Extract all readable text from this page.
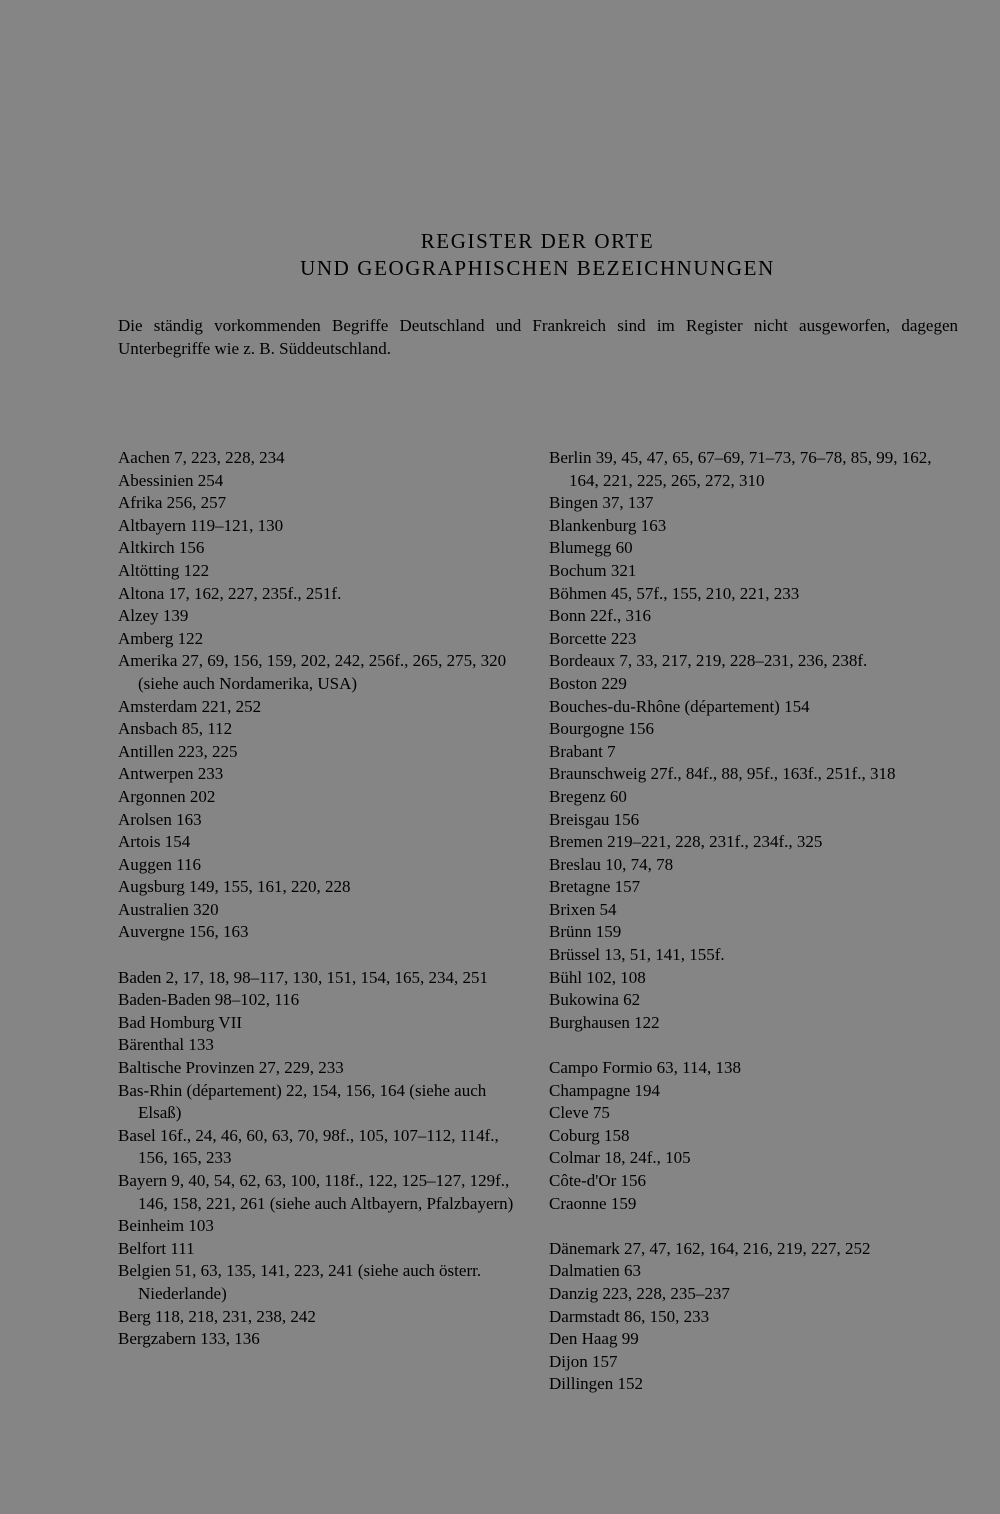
REGISTER DER ORTE
UND GEOGRAPHISCHEN BEZEICHNUNGEN
Die ständig vorkommenden Begriffe Deutschland und Frankreich sind im Register nicht ausgeworfen, dagegen Unterbegriffe wie z. B. Süddeutschland.
Aachen 7, 223, 228, 234
Abessinien 254
Afrika 256, 257
Altbayern 119–121, 130
Altkirch 156
Altötting 122
Altona 17, 162, 227, 235f., 251f.
Alzey 139
Amberg 122
Amerika 27, 69, 156, 159, 202, 242, 256f., 265, 275, 320 (siehe auch Nordamerika, USA)
Amsterdam 221, 252
Ansbach 85, 112
Antillen 223, 225
Antwerpen 233
Argonnen 202
Arolsen 163
Artois 154
Auggen 116
Augsburg 149, 155, 161, 220, 228
Australien 320
Auvergne 156, 163
Baden 2, 17, 18, 98–117, 130, 151, 154, 165, 234, 251
Baden-Baden 98–102, 116
Bad Homburg VII
Bärenthal 133
Baltische Provinzen 27, 229, 233
Bas-Rhin (département) 22, 154, 156, 164 (siehe auch Elsaß)
Basel 16f., 24, 46, 60, 63, 70, 98f., 105, 107–112, 114f., 156, 165, 233
Bayern 9, 40, 54, 62, 63, 100, 118f., 122, 125–127, 129f., 146, 158, 221, 261 (siehe auch Altbayern, Pfalzbayern)
Beinheim 103
Belfort 111
Belgien 51, 63, 135, 141, 223, 241 (siehe auch österr. Niederlande)
Berg 118, 218, 231, 238, 242
Bergzabern 133, 136
Berlin 39, 45, 47, 65, 67–69, 71–73, 76–78, 85, 99, 162, 164, 221, 225, 265, 272, 310
Bingen 37, 137
Blankenburg 163
Blumegg 60
Bochum 321
Böhmen 45, 57f., 155, 210, 221, 233
Bonn 22f., 316
Borcette 223
Bordeaux 7, 33, 217, 219, 228–231, 236, 238f.
Boston 229
Bouches-du-Rhône (département) 154
Bourgogne 156
Brabant 7
Braunschweig 27f., 84f., 88, 95f., 163f., 251f., 318
Bregenz 60
Breisgau 156
Bremen 219–221, 228, 231f., 234f., 325
Breslau 10, 74, 78
Bretagne 157
Brixen 54
Brünn 159
Brüssel 13, 51, 141, 155f.
Bühl 102, 108
Bukowina 62
Burghausen 122
Campo Formio 63, 114, 138
Champagne 194
Cleve 75
Coburg 158
Colmar 18, 24f., 105
Côte-d'Or 156
Craonne 159
Dänemark 27, 47, 162, 164, 216, 219, 227, 252
Dalmatien 63
Danzig 223, 228, 235–237
Darmstadt 86, 150, 233
Den Haag 99
Dijon 157
Dillingen 152
